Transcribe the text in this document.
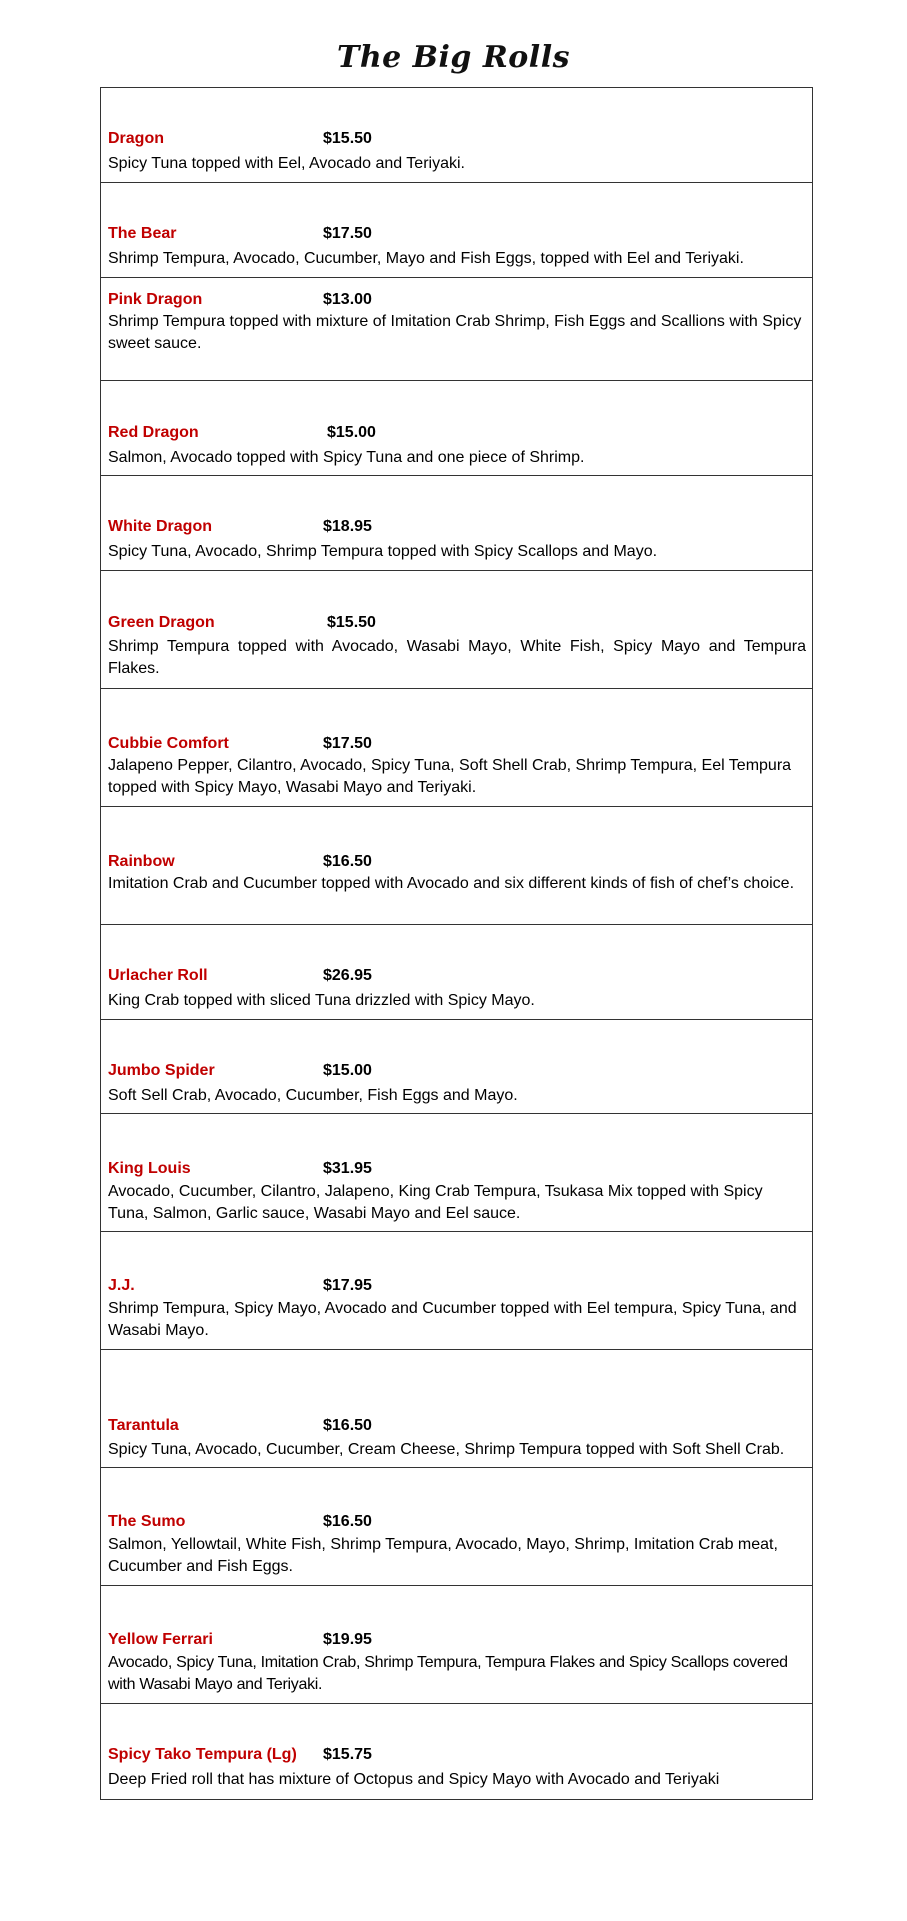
The Big Rolls
Dragon	$15.50
Spicy Tuna topped with Eel, Avocado and Teriyaki.
The Bear	$17.50
Shrimp Tempura, Avocado, Cucumber, Mayo and Fish Eggs, topped with Eel and Teriyaki.
Pink Dragon	$13.00
Shrimp Tempura topped with mixture of Imitation Crab Shrimp, Fish Eggs and Scallions with Spicy sweet sauce.
Red Dragon	$15.00
Salmon, Avocado topped with Spicy Tuna and one piece of Shrimp.
White Dragon	$18.95
Spicy Tuna, Avocado, Shrimp Tempura topped with Spicy Scallops and Mayo.
Green Dragon	$15.50
Shrimp Tempura topped with Avocado, Wasabi Mayo, White Fish, Spicy Mayo and Tempura Flakes.
Cubbie Comfort	$17.50
Jalapeno Pepper, Cilantro, Avocado, Spicy Tuna, Soft Shell Crab, Shrimp Tempura, Eel Tempura topped with Spicy Mayo, Wasabi Mayo and Teriyaki.
Rainbow	$16.50
Imitation Crab and Cucumber topped with Avocado and six different kinds of fish of chef’s choice.
Urlacher Roll	$26.95
King Crab topped with sliced Tuna drizzled with Spicy Mayo.
Jumbo Spider	$15.00
Soft Sell Crab, Avocado, Cucumber, Fish Eggs and Mayo.
King Louis	$31.95
Avocado, Cucumber, Cilantro, Jalapeno, King Crab Tempura, Tsukasa Mix topped with Spicy Tuna, Salmon, Garlic sauce, Wasabi Mayo and Eel sauce.
J.J.	$17.95
Shrimp Tempura, Spicy Mayo, Avocado and Cucumber topped with Eel tempura, Spicy Tuna, and Wasabi Mayo.
Tarantula	$16.50
Spicy Tuna, Avocado, Cucumber, Cream Cheese, Shrimp Tempura topped with Soft Shell Crab.
The Sumo	$16.50
Salmon, Yellowtail, White Fish, Shrimp Tempura, Avocado, Mayo, Shrimp, Imitation Crab meat, Cucumber and Fish Eggs.
Yellow Ferrari	$19.95
Avocado, Spicy Tuna, Imitation Crab, Shrimp Tempura, Tempura Flakes and Spicy Scallops covered with Wasabi Mayo and Teriyaki.
Spicy Tako Tempura (Lg) $15.75
Deep Fried roll that has mixture of Octopus and Spicy Mayo with Avocado and Teriyaki
